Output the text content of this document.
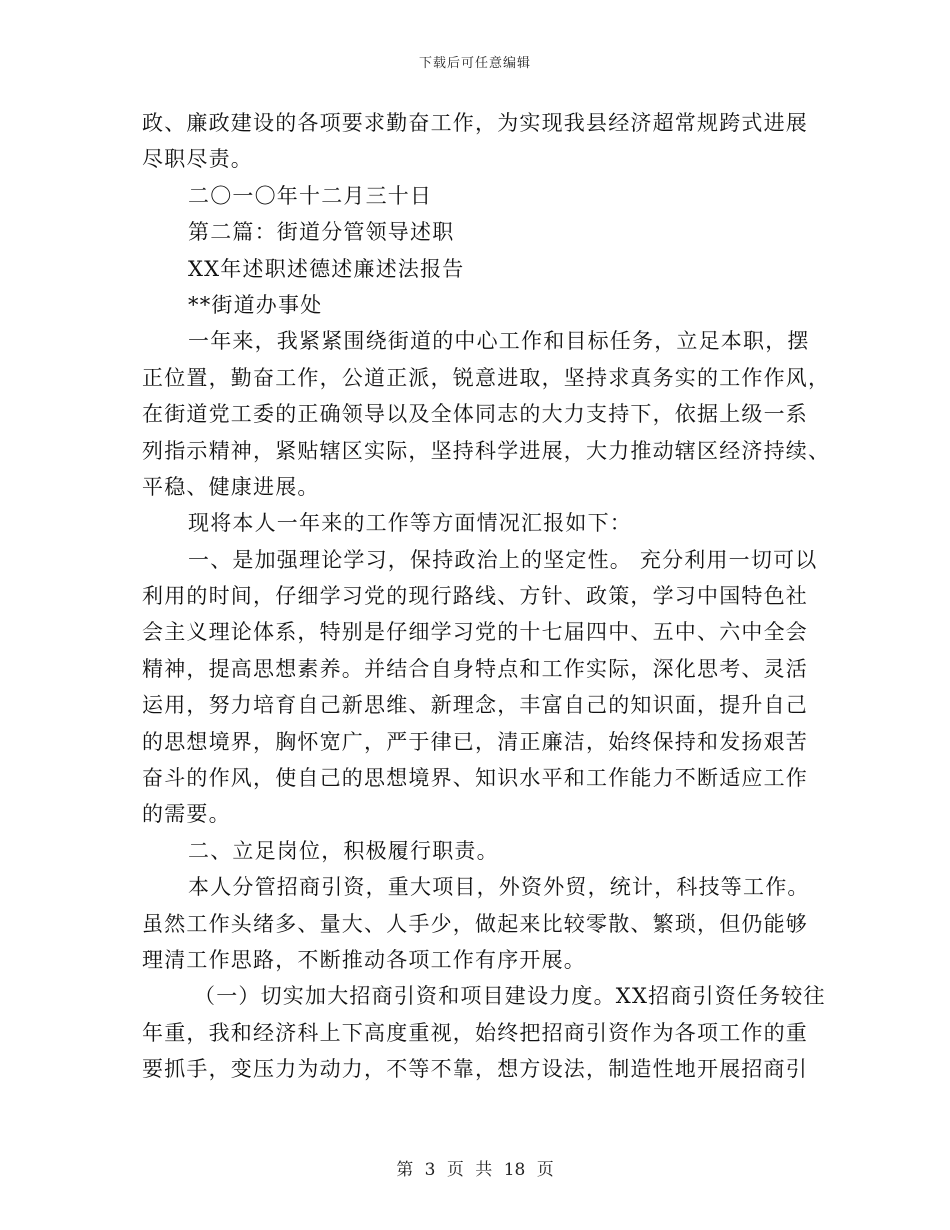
下载后可任意编辑
政、廉政建设的各项要求勤奋工作，为实现我县经济超常规跨式进展
尽职尽责。
二〇一〇年十二月三十日
第二篇：街道分管领导述职
XX年述职述德述廉述法报告
**街道办事处
一年来，我紧紧围绕街道的中心工作和目标任务，立足本职，摆
正位置，勤奋工作，公道正派，锐意进取，坚持求真务实的工作作风，
在街道党工委的正确领导以及全体同志的大力支持下，依据上级一系
列指示精神，紧贴辖区实际，坚持科学进展，大力推动辖区经济持续、
平稳、健康进展。
现将本人一年来的工作等方面情况汇报如下：
一、是加强理论学习，保持政治上的坚定性。 充分利用一切可以
利用的时间，仔细学习党的现行路线、方针、政策，学习中国特色社
会主义理论体系，特别是仔细学习党的十七届四中、五中、六中全会
精神，提高思想素养。并结合自身特点和工作实际，深化思考、灵活
运用，努力培育自己新思维、新理念，丰富自己的知识面，提升自己
的思想境界，胸怀宽广，严于律已，清正廉洁，始终保持和发扬艰苦
奋斗的作风，使自己的思想境界、知识水平和工作能力不断适应工作
的需要。
二、立足岗位，积极履行职责。
本人分管招商引资，重大项目，外资外贸，统计，科技等工作。
虽然工作头绪多、量大、人手少，做起来比较零散、繁琐，但仍能够
理清工作思路，不断推动各项工作有序开展。
（一）切实加大招商引资和项目建设力度。XX招商引资任务较往
年重，我和经济科上下高度重视，始终把招商引资作为各项工作的重
要抓手，变压力为动力，不等不靠，想方设法，制造性地开展招商引
第 3 页 共 18 页
